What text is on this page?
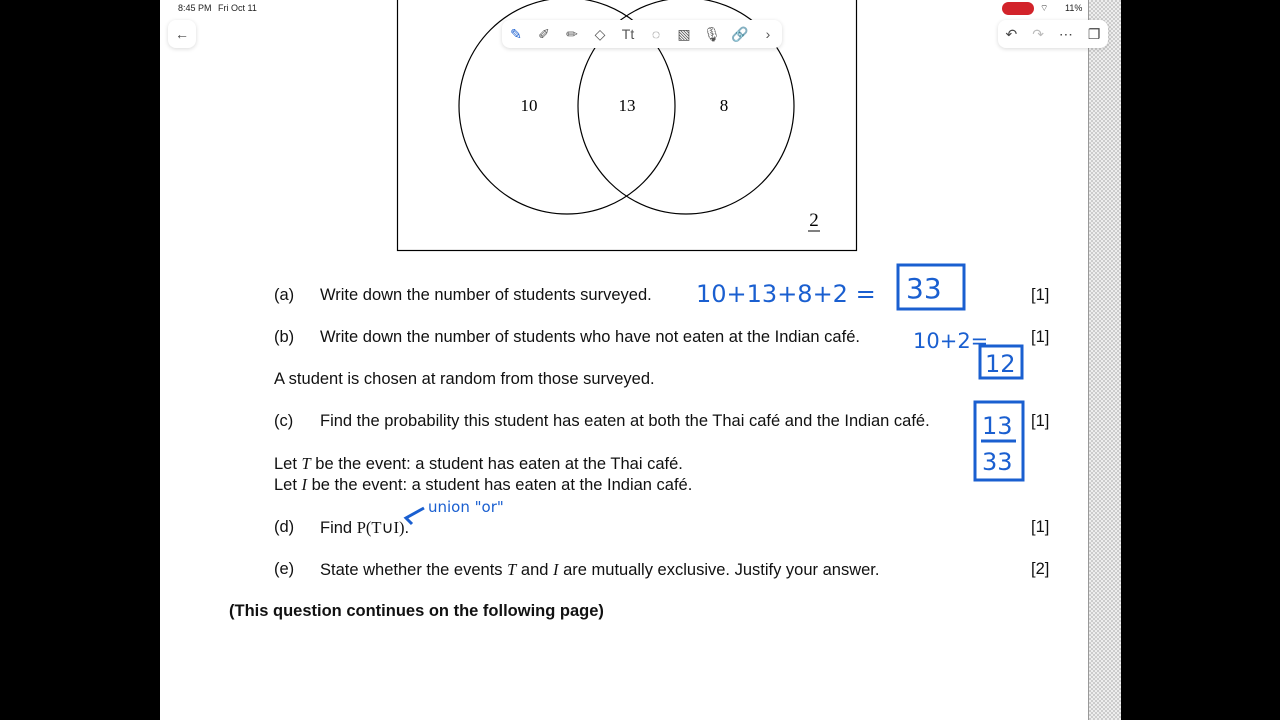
8:45 PM Fri Oct 11	⌔ 11%
←
10	13	8
2
10+13+8+2 = 33
10+2=
12
13
33
union "or"
✎	✐	✏	◇	Tt	◌	▧ 🎙 🔗	›	↶ ↷ ⋯ ❐
(a) Write down the number of students surveyed.	[1]
(b) Write down the number of students who have not eaten at the Indian café.	[1]
A student is chosen at random from those surveyed.
(c) Find the probability this student has eaten at both the Thai café and the Indian café.	[1]
Let T be the event: a student has eaten at the Thai café.
Let I be the event: a student has eaten at the Indian café.
(d) Find P(T∪I).	[1]
(e) State whether the events T and I are mutually exclusive. Justify your answer.	[2]
(This question continues on the following page)
